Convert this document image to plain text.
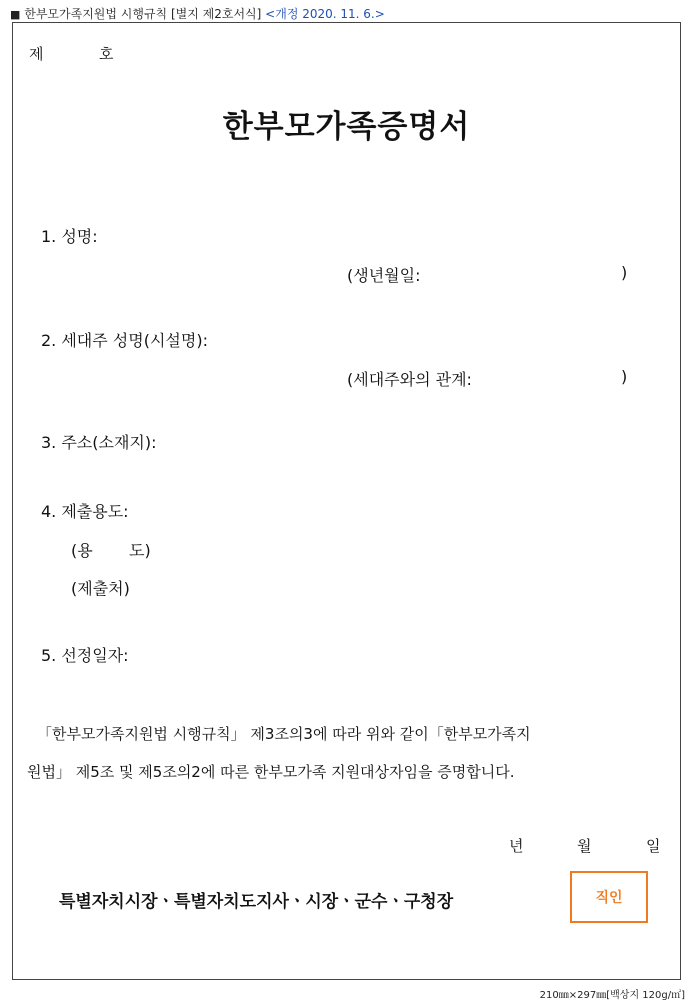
■ 한부모가족지원법 시행규칙 [별지 제2호서식] <개정 2020. 11. 6.>
제	호
한부모가족증명서
1. 성명:
(생년월일:	)
2. 세대주 성명(시설명):
(세대주와의 관계:	)
3. 주소(소재지):
4. 제출용도:
(용 도)
(제출처)
5. 선정일자:
「한부모가족지원법 시행규칙」 제3조의3에 따라 위와 같이「한부모가족지
원법」 제5조 및 제5조의2에 따른 한부모가족 지원대상자임을 증명합니다.
년	월	일
특별자치시장ㆍ특별자치도지사ㆍ시장ㆍ군수ㆍ구청장	직인
210㎜×297㎜[백상지 120g/㎡]
